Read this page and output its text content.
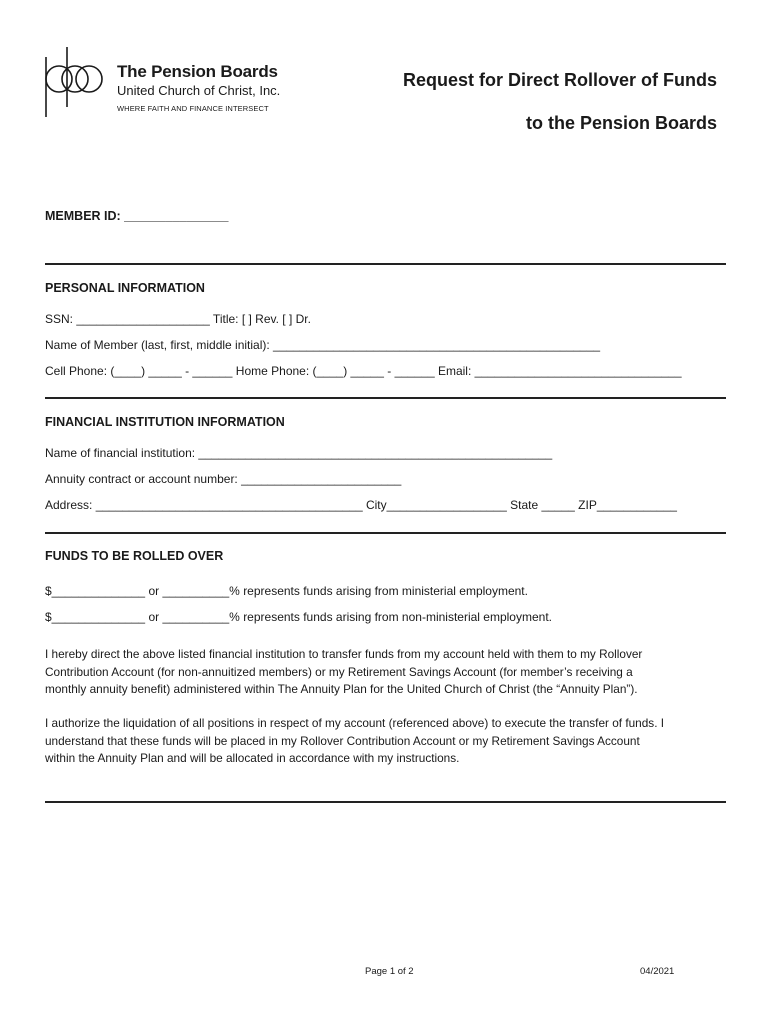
The Pension Boards
United Church of Christ, Inc.
WHERE FAITH AND FINANCE INTERSECT
Request for Direct Rollover of Funds
to the Pension Boards
MEMBER ID: _______________
PERSONAL INFORMATION
SSN: ____________________ Title: [ ] Rev. [ ] Dr.
Name of Member (last, first, middle initial): _________________________________________________
Cell Phone: (____) _____ - ______ Home Phone: (____) _____ - ______ Email: _______________________________
FINANCIAL INSTITUTION INFORMATION
Name of financial institution: _____________________________________________________
Annuity contract or account number: ________________________
Address: ________________________________________ City__________________ State _____ ZIP____________
FUNDS TO BE ROLLED OVER
$______________ or __________% represents funds arising from ministerial employment.
$______________ or __________% represents funds arising from non-ministerial employment.
I hereby direct the above listed financial institution to transfer funds from my account held with them to my Rollover
Contribution Account (for non-annuitized members) or my Retirement Savings Account (for member’s receiving a
monthly annuity benefit) administered within The Annuity Plan for the United Church of Christ (the “Annuity Plan”).
I authorize the liquidation of all positions in respect of my account (referenced above) to execute the transfer of funds. I
understand that these funds will be placed in my Rollover Contribution Account or my Retirement Savings Account
within the Annuity Plan and will be allocated in accordance with my instructions.
Page 1 of 2	04/2021
